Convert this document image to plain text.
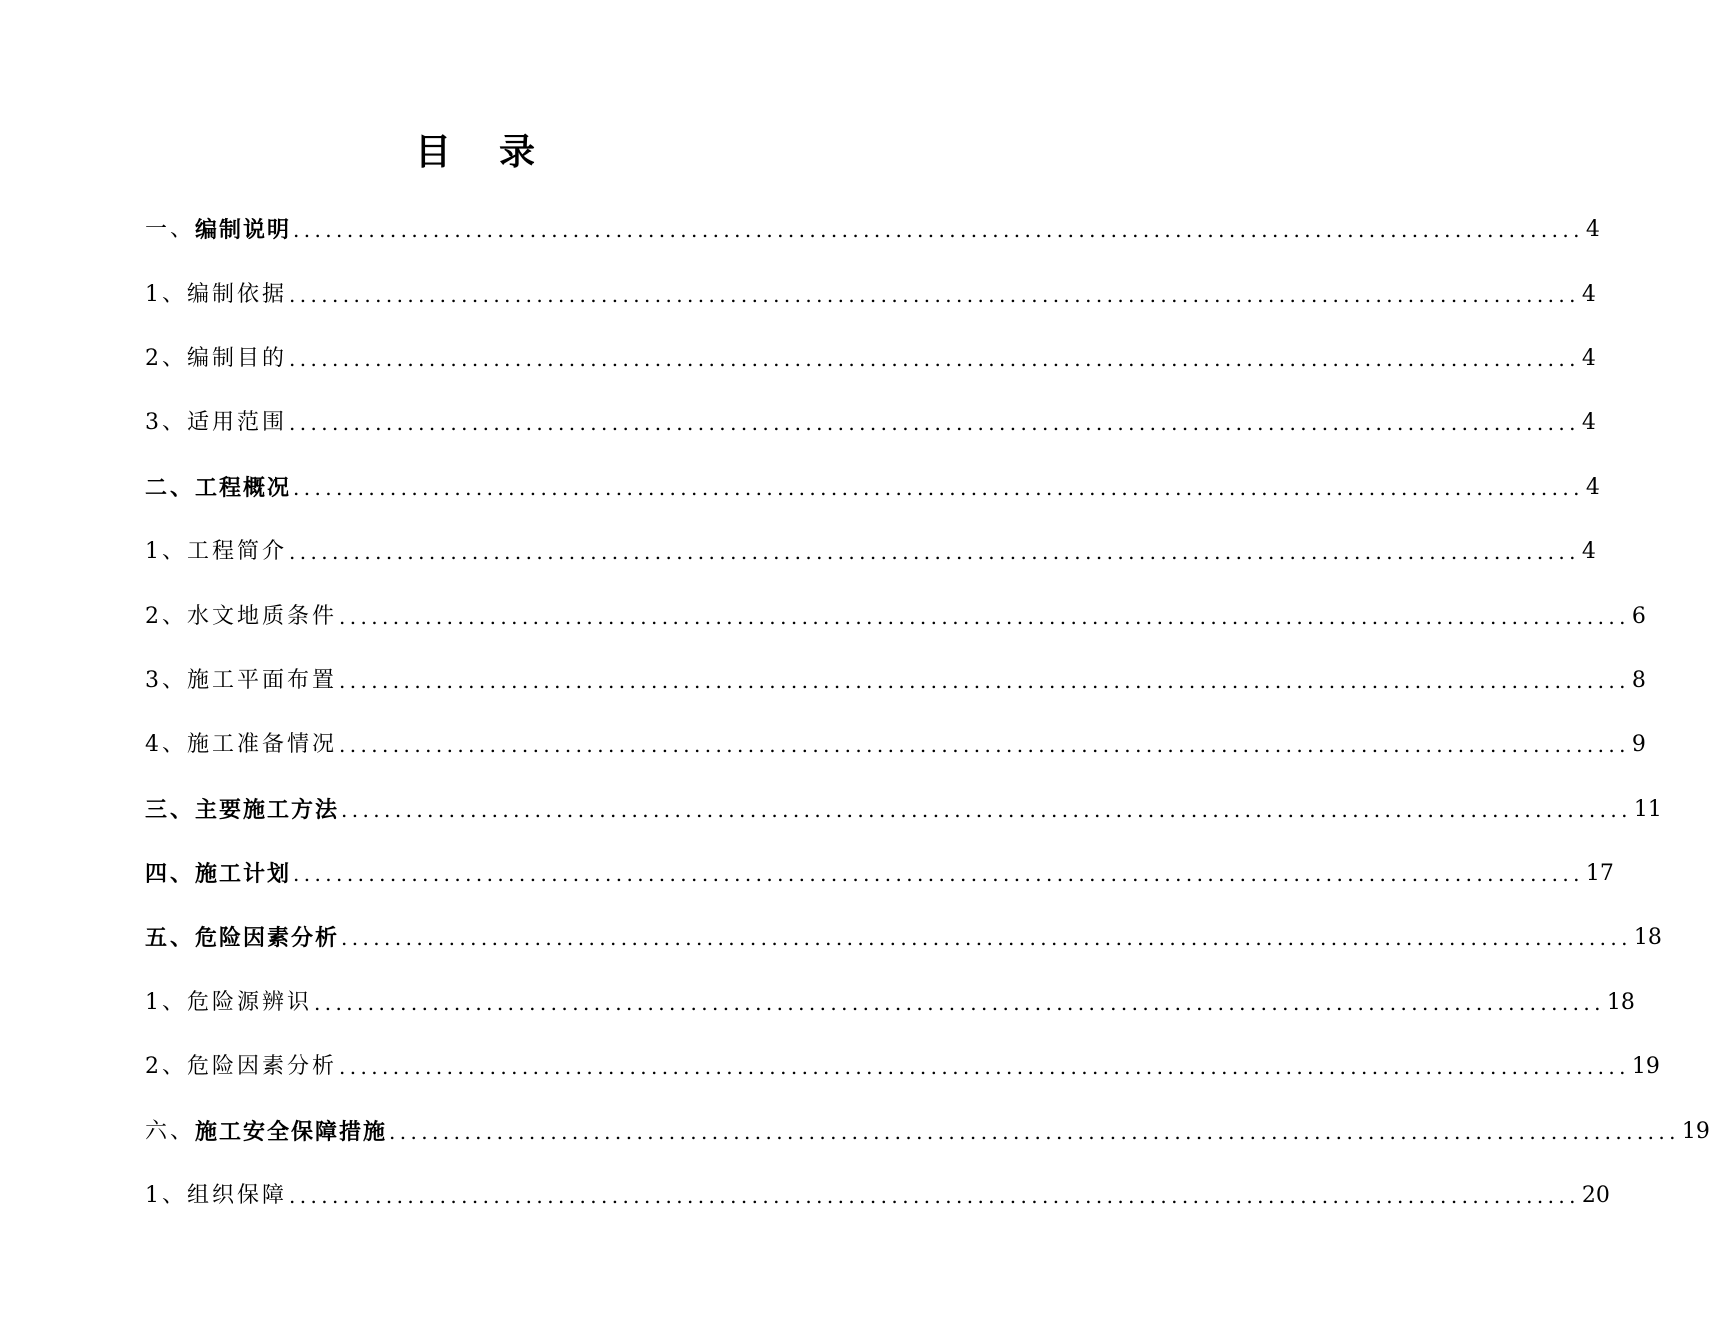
目录
一、 编制说明 ........................................................................................................................ 4
1、 编制依据 ........................................................................................................................ 4
2、 编制目的 ........................................................................................................................ 4
3、 适用范围 ........................................................................................................................ 4
二、 工程概况 ........................................................................................................................ 4
1、 工程简介 ........................................................................................................................ 4
2、 水文地质条件 ........................................................................................................................ 6
3、 施工平面布置 ........................................................................................................................ 8
4、 施工准备情况 ........................................................................................................................ 9
三、 主要施工方法 ........................................................................................................................ 11
四、 施工计划 ........................................................................................................................ 17
五、 危险因素分析 ........................................................................................................................ 18
1、 危险源辨识 ........................................................................................................................ 18
2、 危险因素分析 ........................................................................................................................ 19
六、 施工安全保障措施 ........................................................................................................................ 19
1、 组织保障 ........................................................................................................................ 20
